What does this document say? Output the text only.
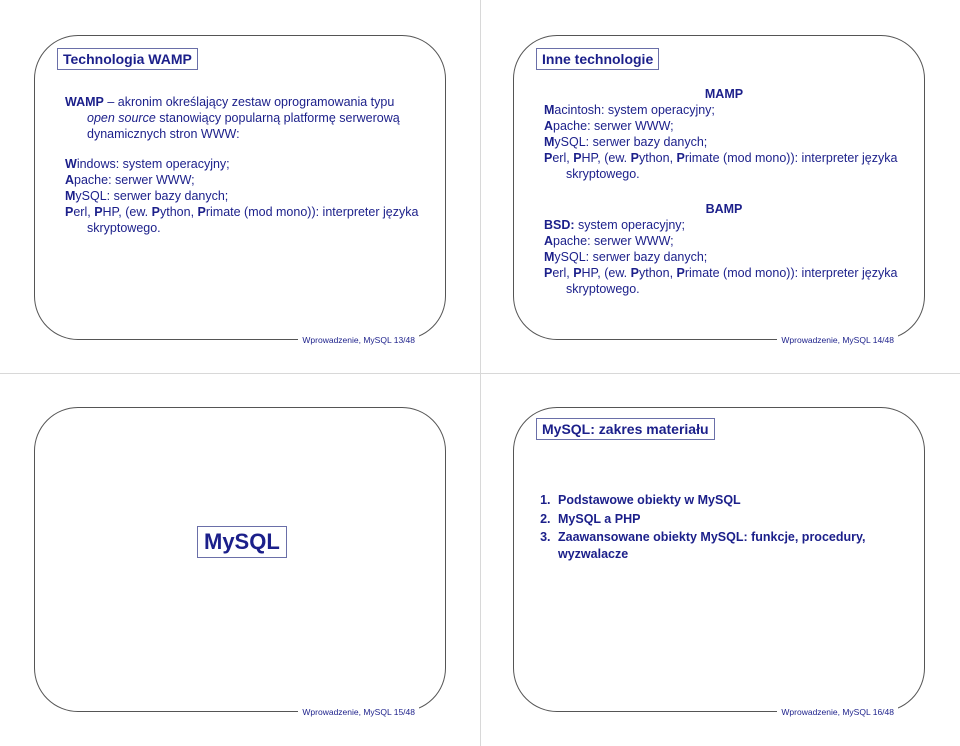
Technologia WAMP
WAMP – akronim określający zestaw oprogramowania typu open source stanowiący popularną platformę serwerową dynamicznych stron WWW:
Windows: system operacyjny;
Apache: serwer WWW;
MySQL: serwer bazy danych;
Perl, PHP, (ew. Python, Primate (mod mono)): interpreter języka skryptowego.
Wprowadzenie, MySQL 13/48
Inne technologie
MAMP
Macintosh: system operacyjny;
Apache: serwer WWW;
MySQL: serwer bazy danych;
Perl, PHP, (ew. Python, Primate (mod mono)): interpreter języka skryptowego.
BAMP
BSD: system operacyjny;
Apache: serwer WWW;
MySQL: serwer bazy danych;
Perl, PHP, (ew. Python, Primate (mod mono)): interpreter języka skryptowego.
Wprowadzenie, MySQL 14/48
MySQL
Wprowadzenie, MySQL 15/48
MySQL: zakres materiału
1. Podstawowe obiekty w MySQL
2. MySQL a PHP
3. Zaawansowane obiekty MySQL: funkcje, procedury, wyzwalacze
Wprowadzenie, MySQL 16/48
